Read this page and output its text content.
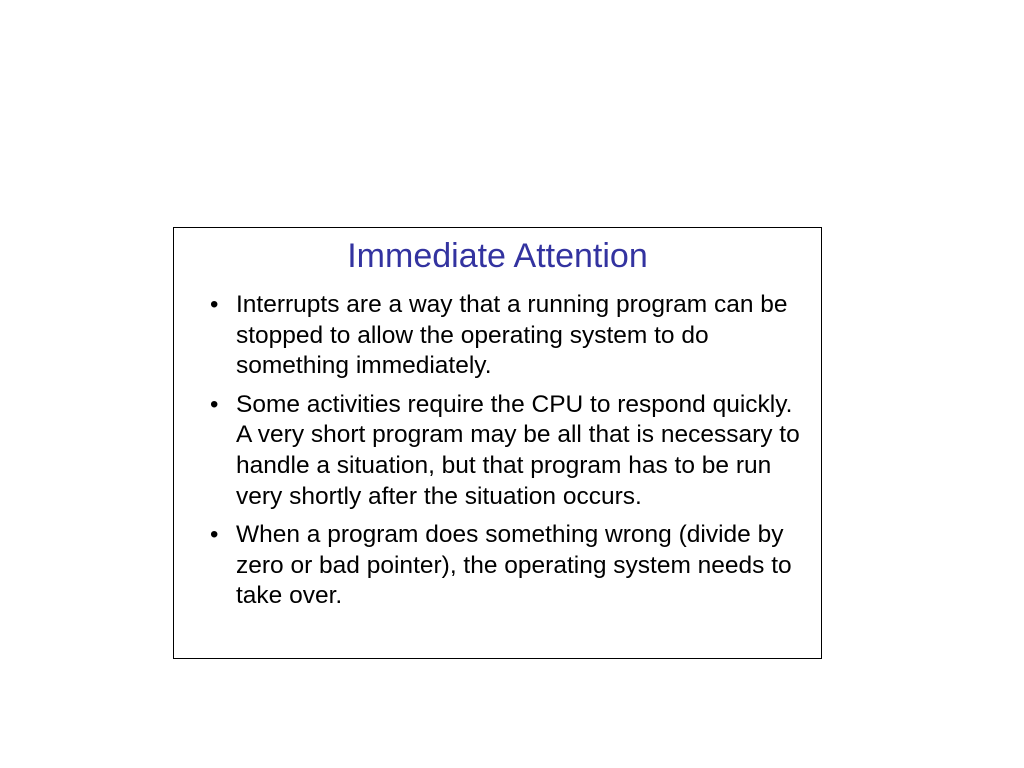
Immediate Attention
• Interrupts are a way that a running program can be stopped to allow the operating system to do something immediately.
• Some activities require the CPU to respond quickly. A very short program may be all that is necessary to handle a situation, but that program has to be run very shortly after the situation occurs.
• When a program does something wrong (divide by zero or bad pointer), the operating system needs to take over.
